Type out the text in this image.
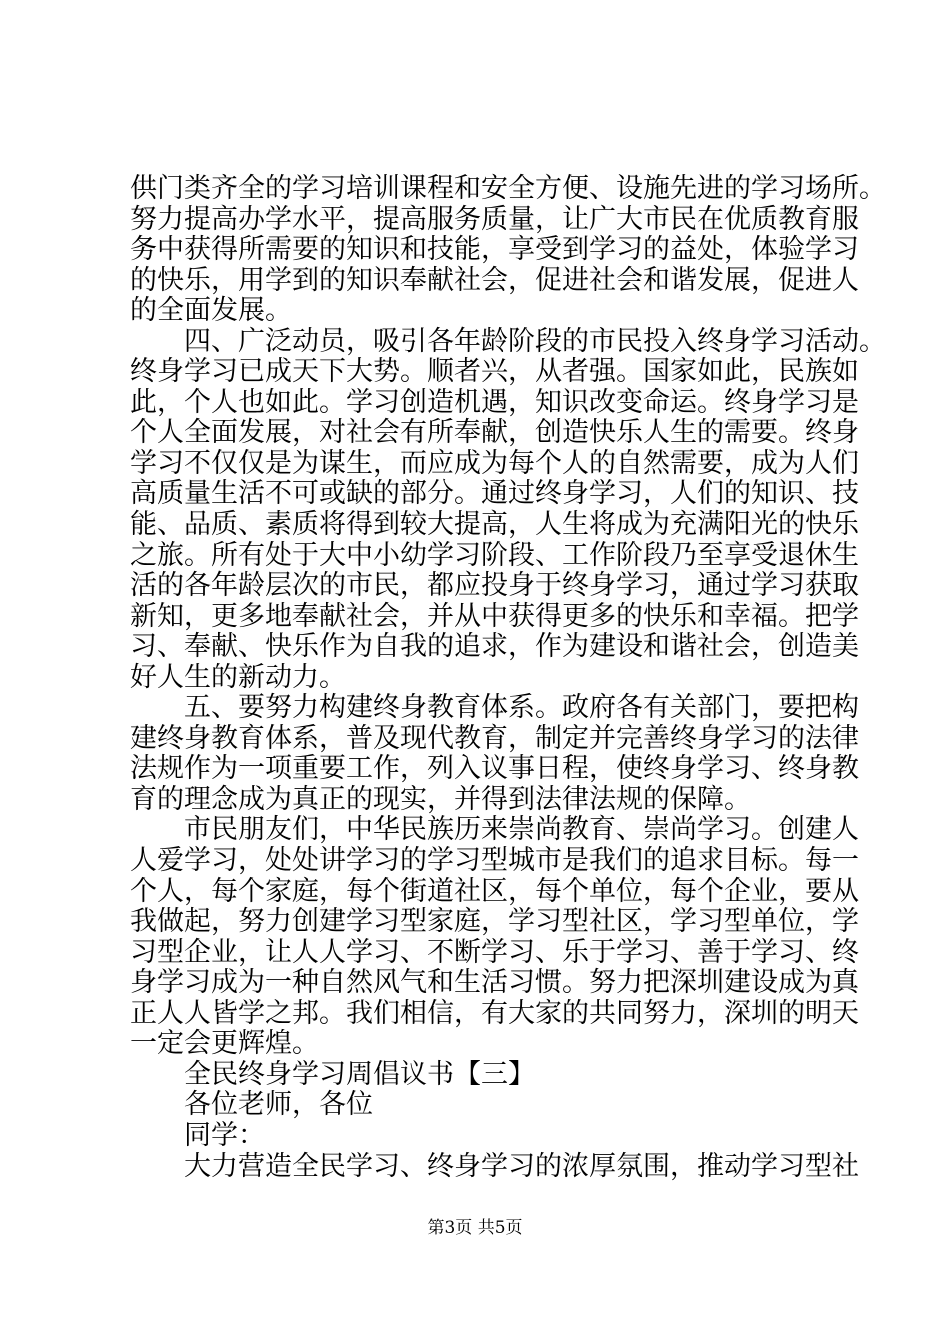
供门类齐全的学习培训课程和安全方便、设施先进的学习场所。
努力提高办学水平，提高服务质量，让广大市民在优质教育服
务中获得所需要的知识和技能，享受到学习的益处，体验学习
的快乐，用学到的知识奉献社会，促进社会和谐发展，促进人
的全面发展。
四、广泛动员，吸引各年龄阶段的市民投入终身学习活动。
终身学习已成天下大势。顺者兴，从者强。国家如此，民族如
此，个人也如此。学习创造机遇，知识改变命运。终身学习是
个人全面发展，对社会有所奉献，创造快乐人生的需要。终身
学习不仅仅是为谋生，而应成为每个人的自然需要，成为人们
高质量生活不可或缺的部分。通过终身学习，人们的知识、技
能、品质、素质将得到较大提高，人生将成为充满阳光的快乐
之旅。所有处于大中小幼学习阶段、工作阶段乃至享受退休生
活的各年龄层次的市民，都应投身于终身学习，通过学习获取
新知，更多地奉献社会，并从中获得更多的快乐和幸福。把学
习、奉献、快乐作为自我的追求，作为建设和谐社会，创造美
好人生的新动力。
五、要努力构建终身教育体系。政府各有关部门，要把构
建终身教育体系，普及现代教育，制定并完善终身学习的法律
法规作为一项重要工作，列入议事日程，使终身学习、终身教
育的理念成为真正的现实，并得到法律法规的保障。
市民朋友们，中华民族历来崇尚教育、崇尚学习。创建人
人爱学习，处处讲学习的学习型城市是我们的追求目标。每一
个人，每个家庭，每个街道社区，每个单位，每个企业，要从
我做起，努力创建学习型家庭，学习型社区，学习型单位，学
习型企业，让人人学习、不断学习、乐于学习、善于学习、终
身学习成为一种自然风气和生活习惯。努力把深圳建设成为真
正人人皆学之邦。我们相信，有大家的共同努力，深圳的明天
一定会更辉煌。
全民终身学习周倡议书【三】
各位老师，各位
同学：
大力营造全民学习、终身学习的浓厚氛围，推动学习型社
第3页 共5页
